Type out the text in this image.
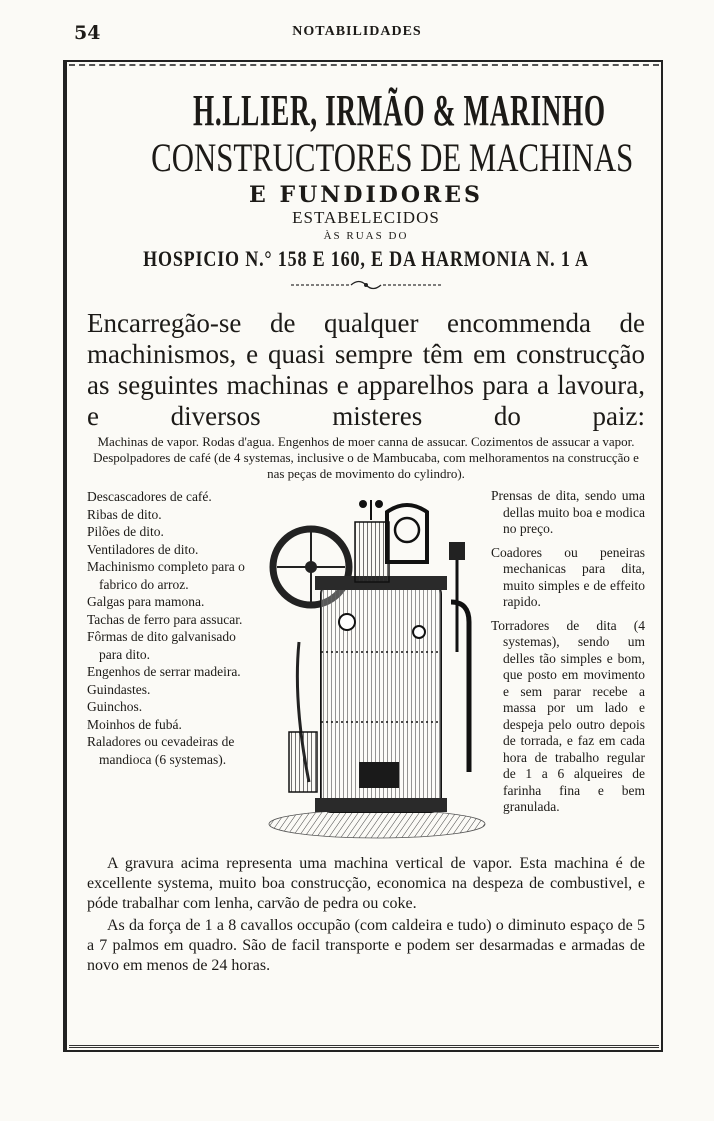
54	NOTABILIDADES
H.LLIER, IRMÃO & MARINHO
CONSTRUCTORES DE MACHINAS
E FUNDIDORES
ESTABELECIDOS
ÀS RUAS DO
HOSPICIO N.° 158 E 160, E DA HARMONIA N. 1 A
Encarregão-se de qualquer encommenda de machinismos, e quasi sempre têm em construcção as seguintes machinas e apparelhos para a lavoura, e diversos misteres do paiz:
Machinas de vapor. Rodas d'agua. Engenhos de moer canna de assucar. Cozimentos de assucar a vapor. Despolpadores de café (de 4 systemas, inclusive o de Mambucaba, com melhoramentos na construcção e nas peças de movimento do cylindro).
Descascadores de café.
Ribas de dito.
Pilões de dito.
Ventiladores de dito.
Machinismo completo para o fabrico do arroz.
Galgas para mamona.
Tachas de ferro para assucar.
Fôrmas de dito galvanisado para dito.
Engenhos de serrar madeira.
Guindastes.
Guinchos.
Moinhos de fubá.
Raladores ou cevadeiras de mandioca (6 systemas).
Prensas de dita, sendo uma dellas muito boa e modica no preço.
Coadores ou peneiras mechanicas para dita, muito simples e de effeito rapido.
Torradores de dita (4 systemas), sendo um delles tão simples e bom, que posto em movimento e sem parar recebe a massa por um lado e despeja pelo outro depois de torrada, e faz em cada hora de trabalho regular de 1 a 6 alqueires de farinha fina e bem granulada.

A gravura acima representa uma machina vertical de vapor. Esta machina é de excellente systema, muito boa construcção, economica na despeza de combustivel, e póde trabalhar com lenha, carvão de pedra ou coke.

As da força de 1 a 8 cavallos occupão (com caldeira e tudo) o diminuto espaço de 5 a 7 palmos em quadro. São de facil transporte e podem ser desarmadas e armadas de novo em menos de 24 horas.
